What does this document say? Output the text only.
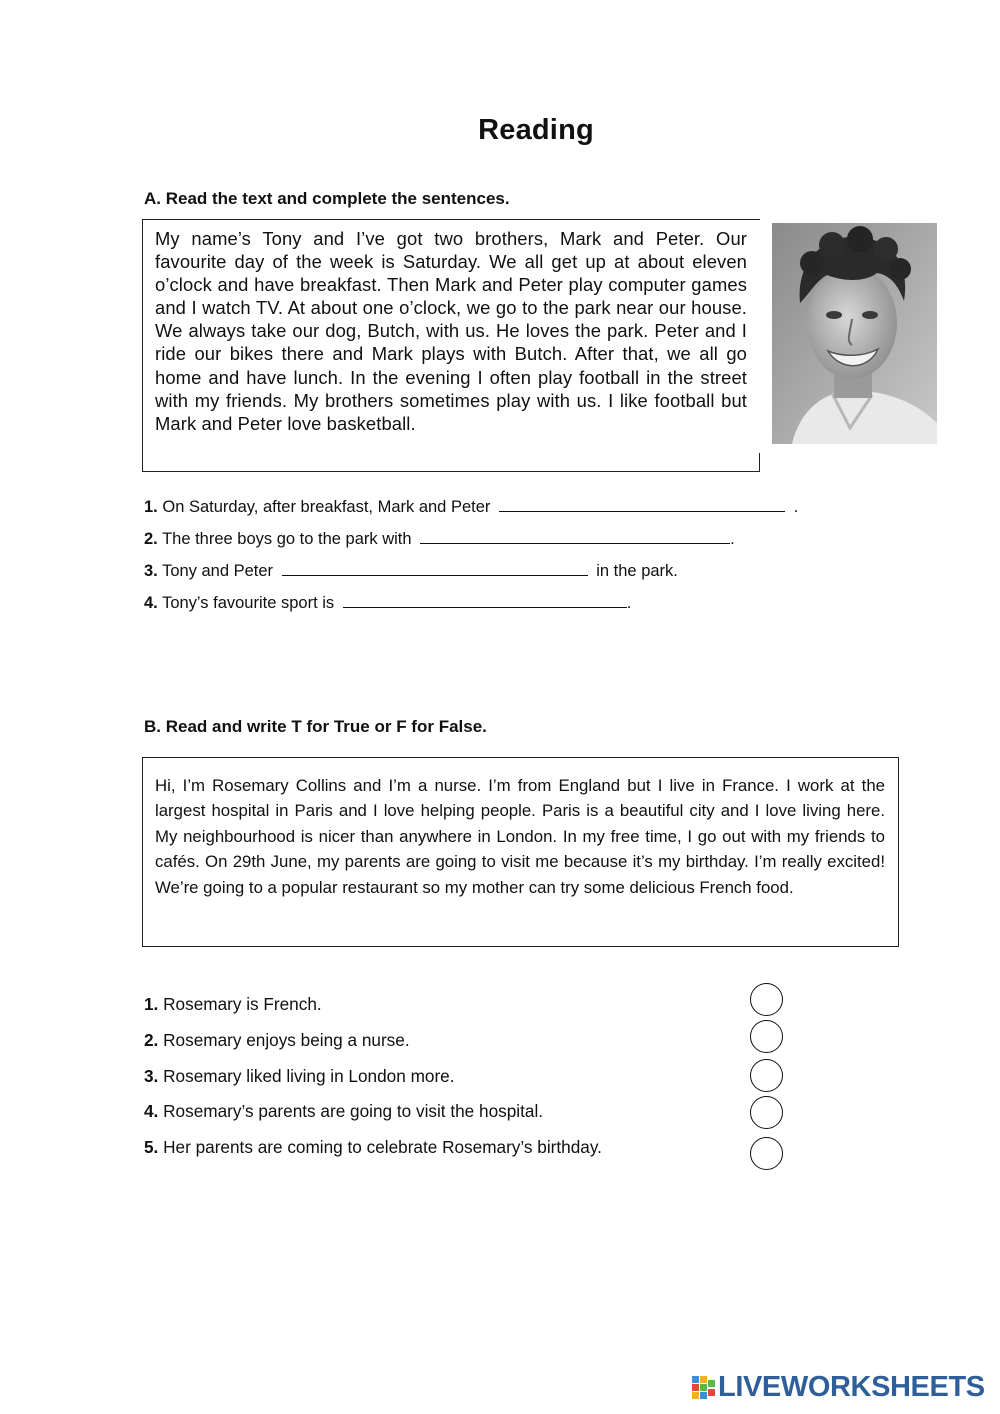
Reading
A. Read the text and complete the sentences.
My name’s Tony and I’ve got two brothers, Mark and Peter. Our favourite day of the week is Saturday. We all get up at about eleven o’clock and have breakfast. Then Mark and Peter play computer games and I watch TV. At about one o’clock, we go to the park near our house. We always take our dog, Butch, with us. He loves the park. Peter and I ride our bikes there and Mark plays with Butch. After that, we all go home and have lunch. In the evening I often play football in the street with my friends. My brothers sometimes play with us. I like football but Mark and Peter love basketball.
1. On Saturday, after breakfast, Mark and Peter	.
2. The three boys go to the park with	.
3. Tony and Peter	in the park.
4. Tony’s favourite sport is	.
B. Read and write T for True or F for False.
Hi, I’m Rosemary Collins and I’m a nurse. I’m from England but I live in France. I work at the largest hospital in Paris and I love helping people. Paris is a beautiful city and I love living here. My neighbourhood is nicer than anywhere in London. In my free time, I go out with my friends to cafés. On 29th June, my parents are going to visit me because it’s my birthday. I’m really excited! We’re going to a popular restaurant so my mother can try some delicious French food.
1. Rosemary is French.
2. Rosemary enjoys being a nurse.
3. Rosemary liked living in London more.
4. Rosemary’s parents are going to visit the hospital.
5. Her parents are coming to celebrate Rosemary’s birthday.
LIVEWORKSHEETS
